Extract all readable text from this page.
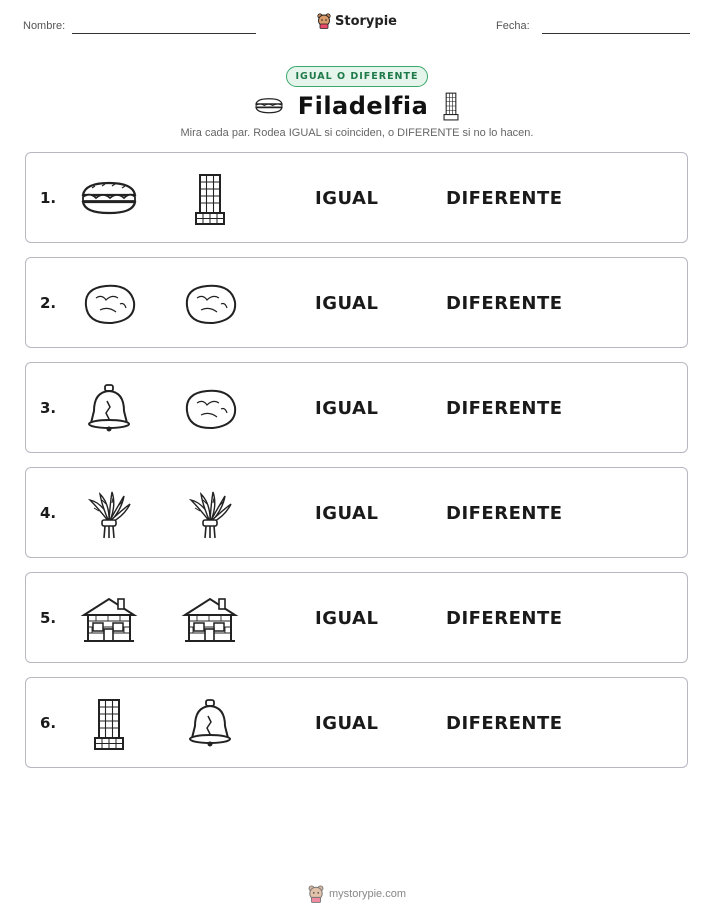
Nombre:	Fecha:
Storypie
IGUAL O DIFERENTE
Filadelfia
Mira cada par. Rodea IGUAL si coinciden, o DIFERENTE si no lo hacen.
1.	IGUAL	DIFERENTE
2.	IGUAL	DIFERENTE
3.	IGUAL	DIFERENTE
4.	IGUAL	DIFERENTE
5.	IGUAL	DIFERENTE
6.	IGUAL	DIFERENTE
mystorypie.com
